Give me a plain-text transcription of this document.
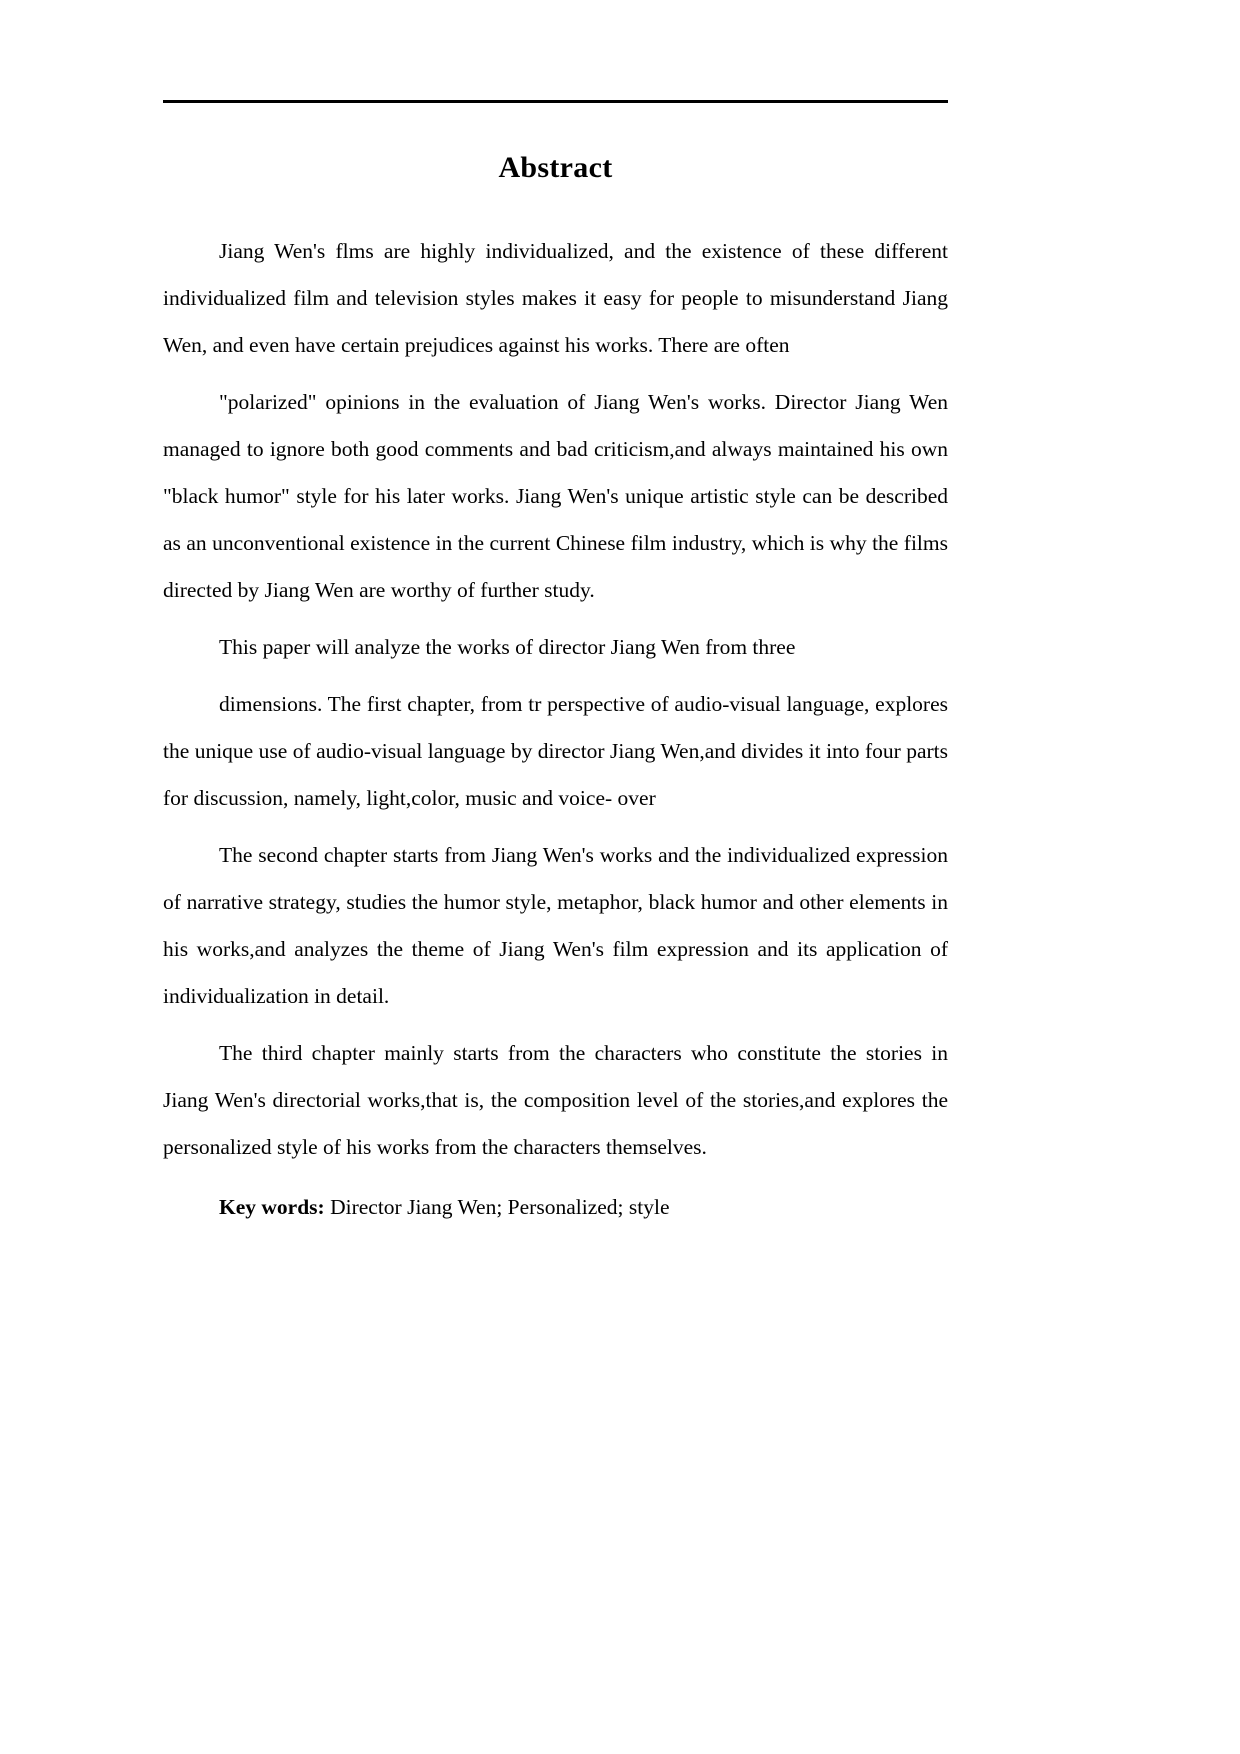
Abstract

Jiang Wen's flms are highly individualized, and the existence of these different individualized film and television styles makes it easy for people to misunderstand Jiang Wen, and even have certain prejudices against his works. There are often

"polarized" opinions in the evaluation of Jiang Wen's works. Director Jiang Wen managed to ignore both good comments and bad criticism,and always maintained his own "black humor" style for his later works. Jiang Wen's unique artistic style can be described as an unconventional existence in the current Chinese film industry, which is why the films directed by Jiang Wen are worthy of further study.

This paper will analyze the works of director Jiang Wen from three

dimensions. The first chapter, from tr perspective of audio-visual language, explores the unique use of audio-visual language by director Jiang Wen,and divides it into four parts for discussion, namely, light,color, music and voice- over

The second chapter starts from Jiang Wen's works and the individualized expression of narrative strategy, studies the humor style, metaphor, black humor and other elements in his works,and analyzes the theme of Jiang Wen's film expression and its application of individualization in detail.

The third chapter mainly starts from the characters who constitute the stories in Jiang Wen's directorial works,that is, the composition level of the stories,and explores the personalized style of his works from the characters themselves.

Key words: Director Jiang Wen; Personalized; style
